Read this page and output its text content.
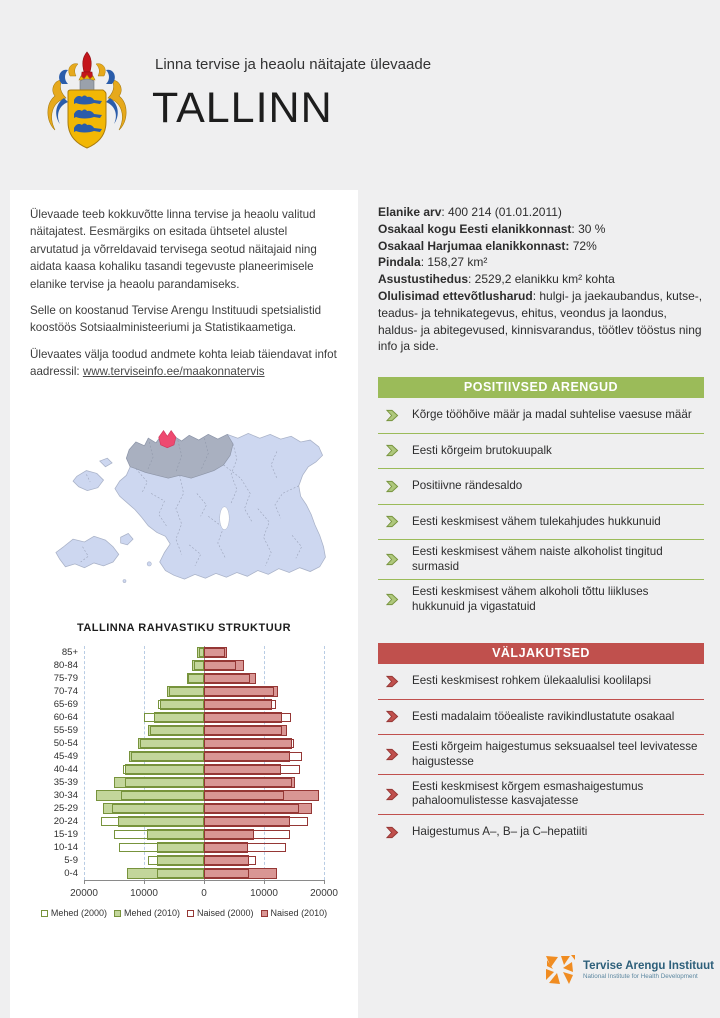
Linna tervise ja heaolu näitajate ülevaade
TALLINN

Ülevaade teeb kokkuvõtte linna tervise ja heaolu valitud näitajatest. Eesmärgiks on esitada ühtsetel alustel arvutatud ja võrreldavaid tervisega seotud näitajaid ning aidata kaasa kohaliku tasandi tegevuste planeerimisele elanike tervise ja heaolu parandamiseks.

Selle on koostanud Tervise Arengu Instituudi spetsialistid koostöös Sotsiaalministeeriumi ja Statistikaametiga.

Ülevaates välja toodud andmete kohta leiab täiendavat infot aadressil: www.terviseinfo.ee/maakonnatervis

TALLINNA RAHVASTIKU STRUKTUUR
85+
80-84
75-79
70-74
65-69
60-64
55-59
50-54
45-49
40-44
35-39
30-34
25-29
20-24
15-19
10-14
5-9
0-4
20000	10000	0	10000	20000
Mehed (2000) Mehed (2010) Naised (2000) Naised (2010)
Elanike arv: 400 214 (01.01.2011)
Osakaal kogu Eesti elanikkonnast: 30 %
Osakaal Harjumaa elanikkonnast: 72%
Pindala: 158,27 km²
Asustustihedus: 2529,2 elanikku km² kohta
Olulisimad ettevõtlusharud: hulgi- ja jaekaubandus, kutse-, teadus- ja tehnikategevus, ehitus, veondus ja laondus, haldus- ja abitegevused, kinnisvarandus, töötlev tööstus ning info ja side.
POSITIIVSED ARENGUD
Kõrge tööhõive määr ja madal suhtelise vaesuse määr
Eesti kõrgeim brutokuupalk
Positiivne rändesaldo
Eesti keskmisest vähem tulekahjudes hukkunuid
Eesti keskmisest vähem naiste alkoholist tingitud surmasid
Eesti keskmisest vähem alkoholi tõttu liikluses hukkunuid ja vigastatuid
VÄLJAKUTSED
Eesti keskmisest rohkem ülekaalulisi koolilapsi
Eesti madalaim tööealiste ravikindlustatute osakaal
Eesti kõrgeim haigestumus seksuaalsel teel levivatesse haigustesse
Eesti keskmisest kõrgem esmashaigestumus pahaloomulistesse kasvajatesse
Haigestumus A–, B– ja C–hepatiiti
Tervise Arengu Instituut
National Institute for Health Development
